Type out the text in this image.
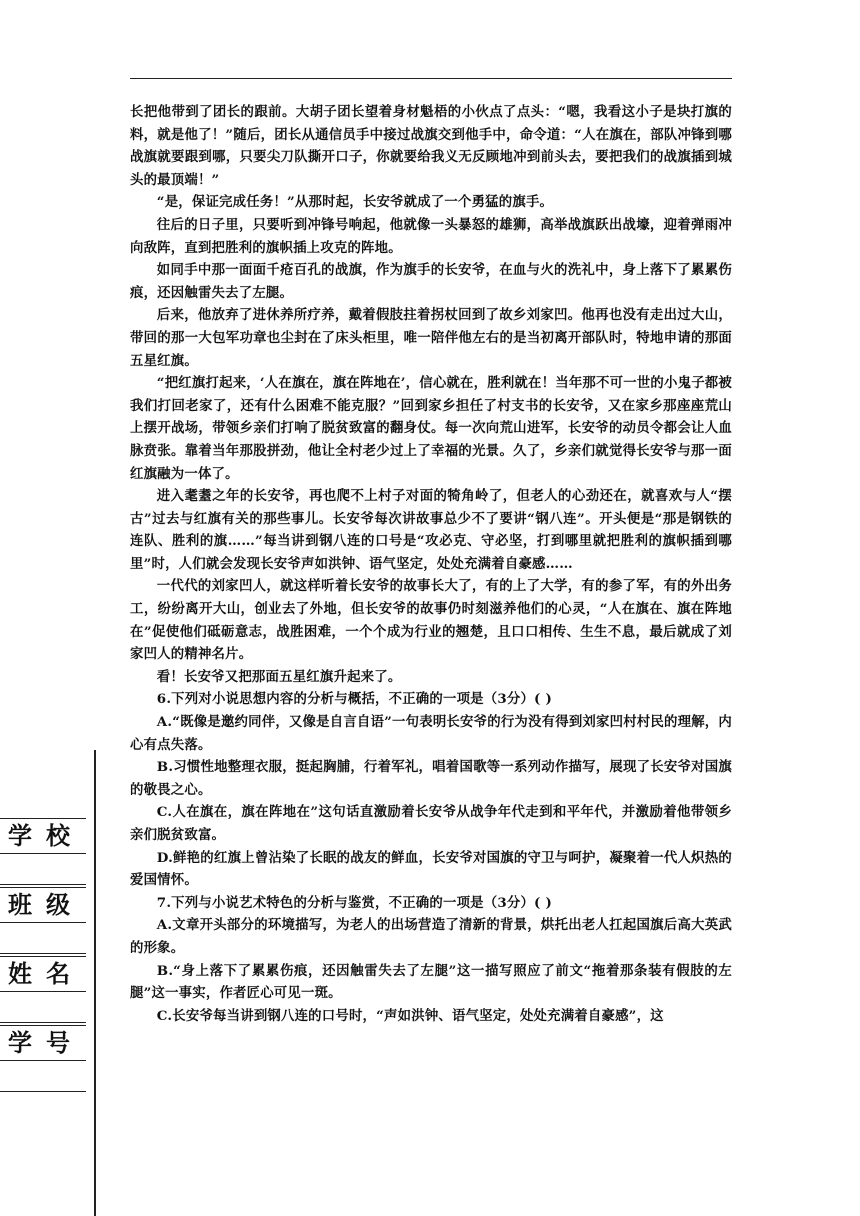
长把他带到了团长的跟前。大胡子团长望着身材魁梧的小伙点了点头：“嗯，我看这小子是块打旗的料，就是他了！”随后，团长从通信员手中接过战旗交到他手中，命令道：“人在旗在，部队冲锋到哪战旗就要跟到哪，只要尖刀队撕开口子，你就要给我义无反顾地冲到前头去，要把我们的战旗插到城头的最顶端！”

“是，保证完成任务！”从那时起，长安爷就成了一个勇猛的旗手。

往后的日子里，只要听到冲锋号响起，他就像一头暴怒的雄狮，高举战旗跃出战壕，迎着弹雨冲向敌阵，直到把胜利的旗帜插上攻克的阵地。

如同手中那一面面千疮百孔的战旗，作为旗手的长安爷，在血与火的洗礼中，身上落下了累累伤痕，还因触雷失去了左腿。

后来，他放弃了进休养所疗养，戴着假肢拄着拐杖回到了故乡刘家凹。他再也没有走出过大山，带回的那一大包军功章也尘封在了床头柜里，唯一陪伴他左右的是当初离开部队时，特地申请的那面五星红旗。

“把红旗打起来，‘人在旗在，旗在阵地在’，信心就在，胜利就在！当年那不可一世的小鬼子都被我们打回老家了，还有什么困难不能克服？”回到家乡担任了村支书的长安爷，又在家乡那座座荒山上摆开战场，带领乡亲们打响了脱贫致富的翻身仗。每一次向荒山进军，长安爷的动员令都会让人血脉贲张。靠着当年那股拼劲，他让全村老少过上了幸福的光景。久了，乡亲们就觉得长安爷与那一面红旗融为一体了。

进入耄耋之年的长安爷，再也爬不上村子对面的犄角岭了，但老人的心劲还在，就喜欢与人“摆古”过去与红旗有关的那些事儿。长安爷每次讲故事总少不了要讲“钢八连”。开头便是“那是钢铁的连队、胜利的旗……”每当讲到钢八连的口号是“攻必克、守必坚，打到哪里就把胜利的旗帜插到哪里”时，人们就会发现长安爷声如洪钟、语气坚定，处处充满着自豪感……

一代代的刘家凹人，就这样听着长安爷的故事长大了，有的上了大学，有的参了军，有的外出务工，纷纷离开大山，创业去了外地，但长安爷的故事仍时刻滋养他们的心灵，“人在旗在、旗在阵地在”促使他们砥砺意志，战胜困难，一个个成为行业的翘楚，且口口相传、生生不息，最后就成了刘家凹人的精神名片。

看！长安爷又把那面五星红旗升起来了。

6.下列对小说思想内容的分析与概括，不正确的一项是（3分）( )

A.“既像是邀约同伴，又像是自言自语”一句表明长安爷的行为没有得到刘家凹村村民的理解，内心有点失落。

B.习惯性地整理衣服，挺起胸脯，行着军礼，唱着国歌等一系列动作描写，展现了长安爷对国旗的敬畏之心。

C.人在旗在，旗在阵地在”这句话直激励着长安爷从战争年代走到和平年代，并激励着他带领乡亲们脱贫致富。

D.鲜艳的红旗上曾沾染了长眠的战友的鲜血，长安爷对国旗的守卫与呵护，凝聚着一代人炽热的爱国情怀。

7.下列与小说艺术特色的分析与鉴赏，不正确的一项是（3分）( )

A.文章开头部分的环境描写，为老人的出场营造了清新的背景，烘托出老人扛起国旗后高大英武的形象。

B.“身上落下了累累伤痕，还因触雷失去了左腿”这一描写照应了前文“拖着那条装有假肢的左腿”这一事实，作者匠心可见一斑。

C.长安爷每当讲到钢八连的口号时，“声如洪钟、语气坚定，处处充满着自豪感”，这

学校
班级
姓名
学号
